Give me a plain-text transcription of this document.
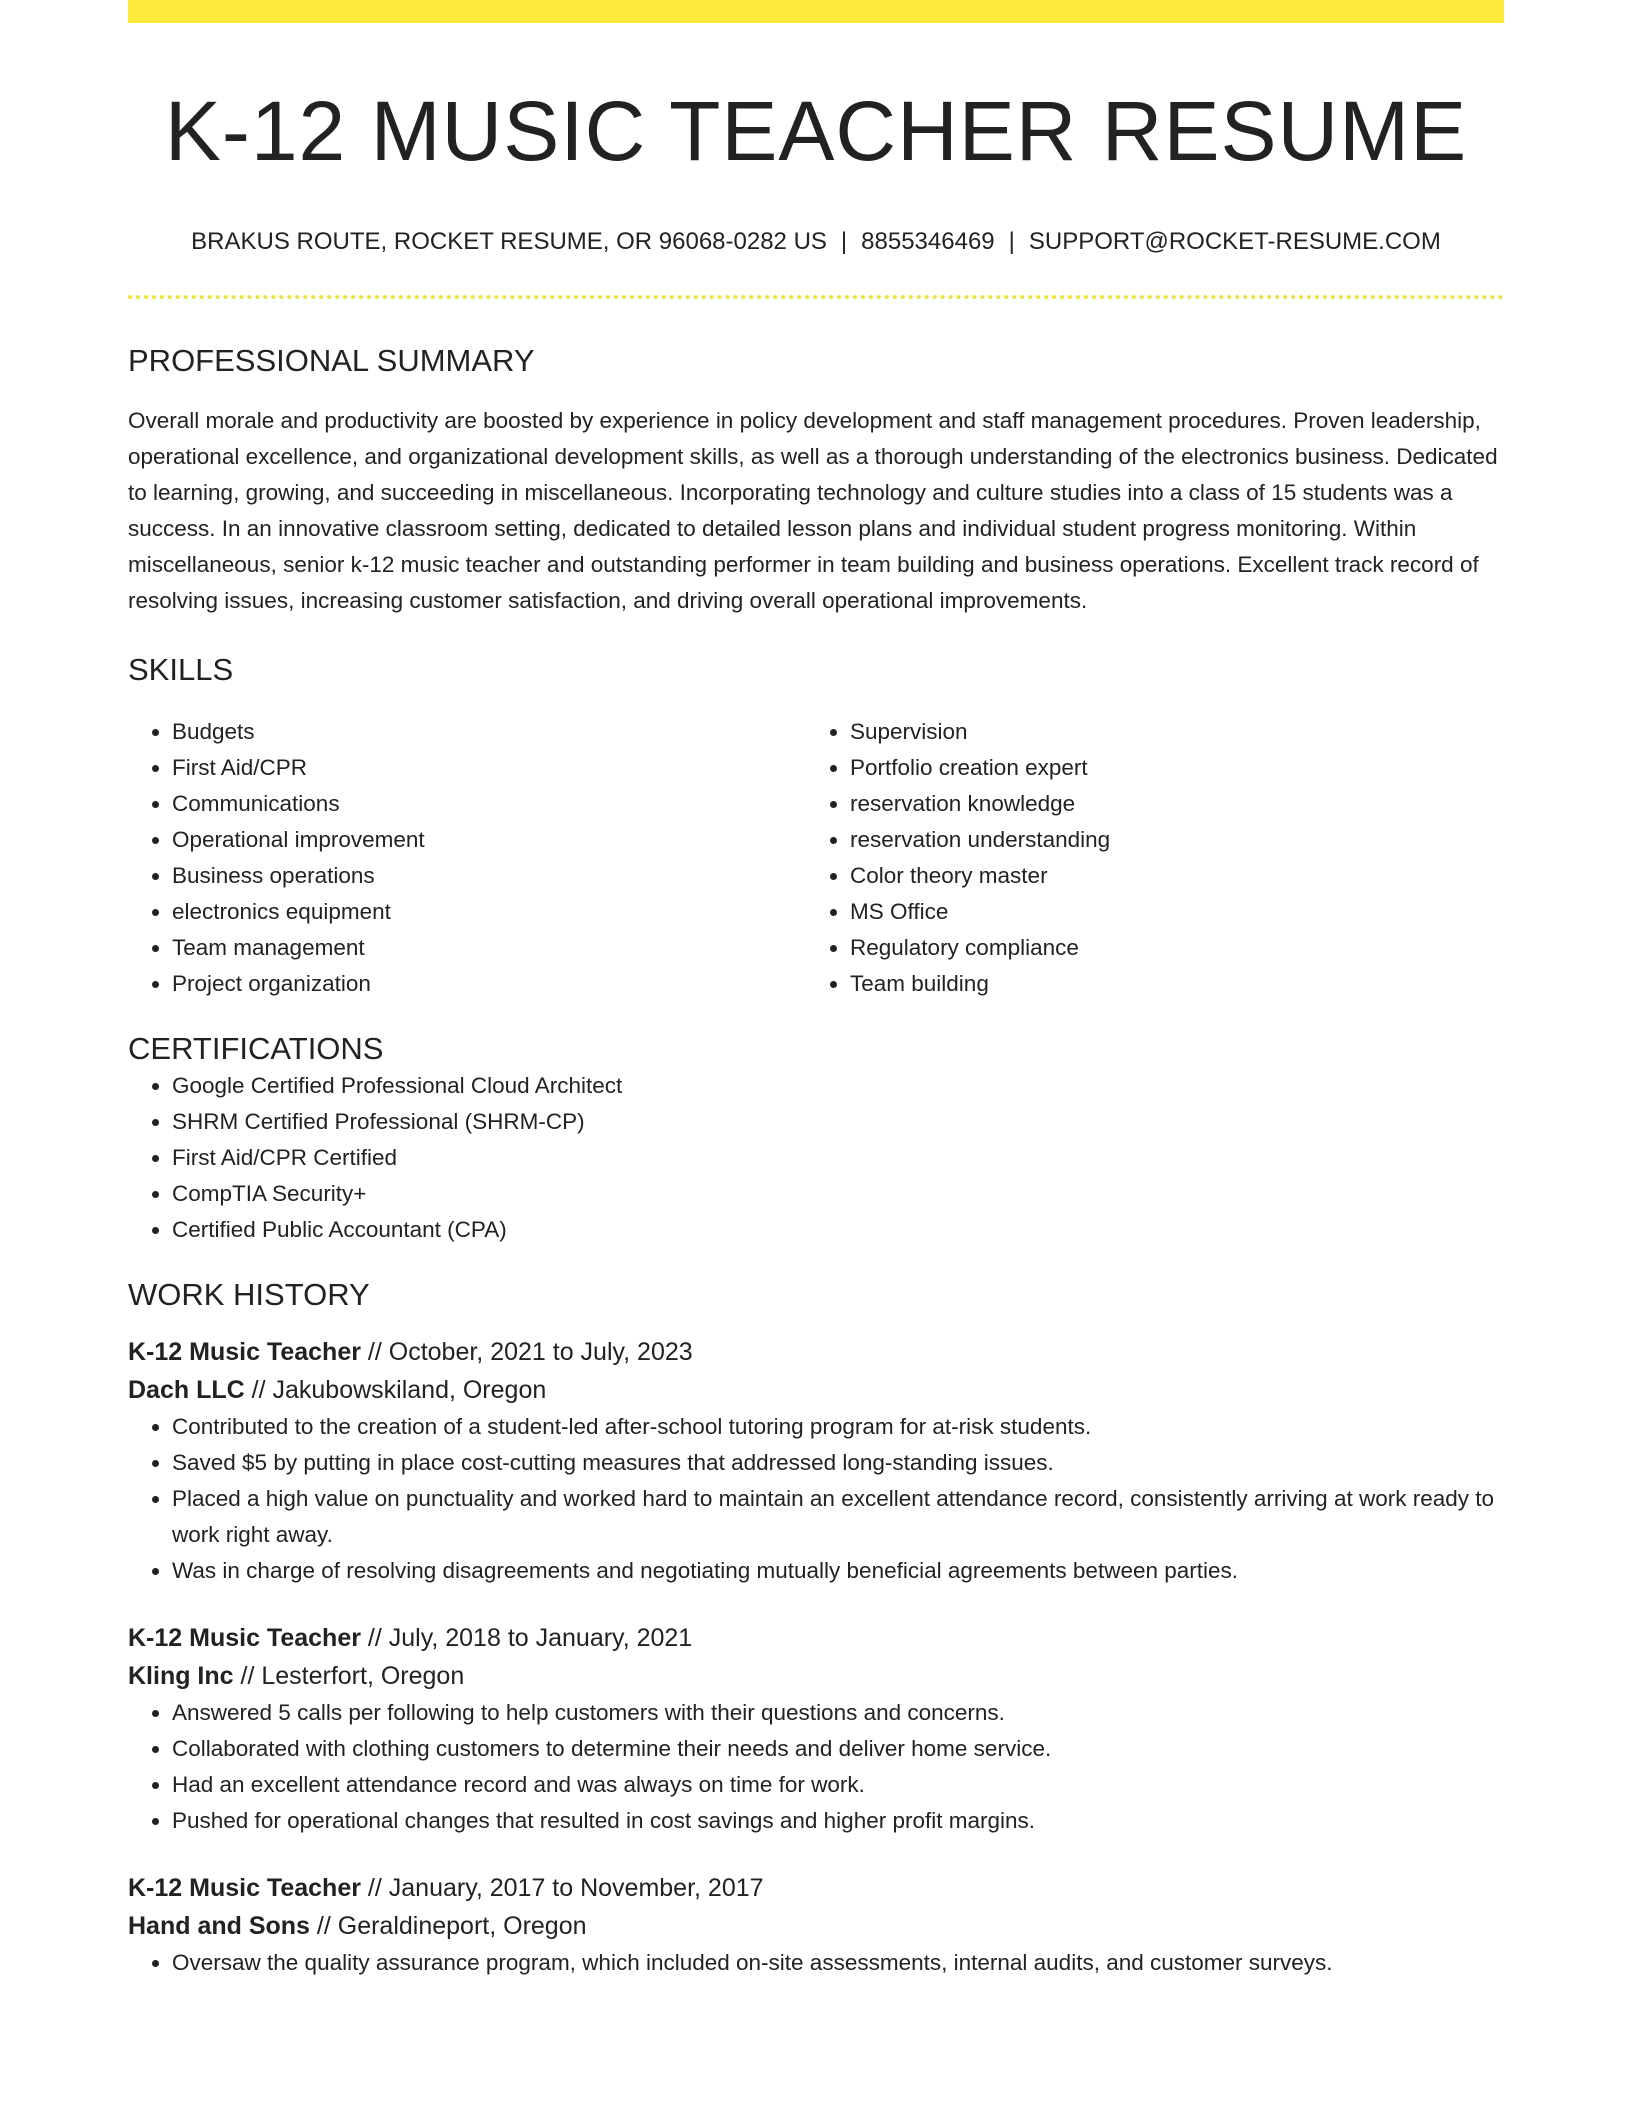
K-12 MUSIC TEACHER RESUME
BRAKUS ROUTE, ROCKET RESUME, OR 96068-0282 US | 8855346469 | SUPPORT@ROCKET-RESUME.COM
PROFESSIONAL SUMMARY

Overall morale and productivity are boosted by experience in policy development and staff management procedures. Proven leadership, operational excellence, and organizational development skills, as well as a thorough understanding of the electronics business. Dedicated to learning, growing, and succeeding in miscellaneous. Incorporating technology and culture studies into a class of 15 students was a success. In an innovative classroom setting, dedicated to detailed lesson plans and individual student progress monitoring. Within miscellaneous, senior k-12 music teacher and outstanding performer in team building and business operations. Excellent track record of resolving issues, increasing customer satisfaction, and driving overall operational improvements.

SKILLS
• Budgets
• First Aid/CPR
• Communications
• Operational improvement
• Business operations
• electronics equipment
• Team management
• Project organization
• Supervision
• Portfolio creation expert
• reservation knowledge
• reservation understanding
• Color theory master
• MS Office
• Regulatory compliance
• Team building
CERTIFICATIONS
• Google Certified Professional Cloud Architect
• SHRM Certified Professional (SHRM-CP)
• First Aid/CPR Certified
• CompTIA Security+
• Certified Public Accountant (CPA)
WORK HISTORY
K-12 Music Teacher // October, 2021 to July, 2023
Dach LLC // Jakubowskiland, Oregon
• Contributed to the creation of a student-led after-school tutoring program for at-risk students.
• Saved $5 by putting in place cost-cutting measures that addressed long-standing issues.
• Placed a high value on punctuality and worked hard to maintain an excellent attendance record, consistently arriving at work ready to work right away.
• Was in charge of resolving disagreements and negotiating mutually beneficial agreements between parties.
K-12 Music Teacher // July, 2018 to January, 2021
Kling Inc // Lesterfort, Oregon
• Answered 5 calls per following to help customers with their questions and concerns.
• Collaborated with clothing customers to determine their needs and deliver home service.
• Had an excellent attendance record and was always on time for work.
• Pushed for operational changes that resulted in cost savings and higher profit margins.
K-12 Music Teacher // January, 2017 to November, 2017
Hand and Sons // Geraldineport, Oregon
• Oversaw the quality assurance program, which included on-site assessments, internal audits, and customer surveys.
